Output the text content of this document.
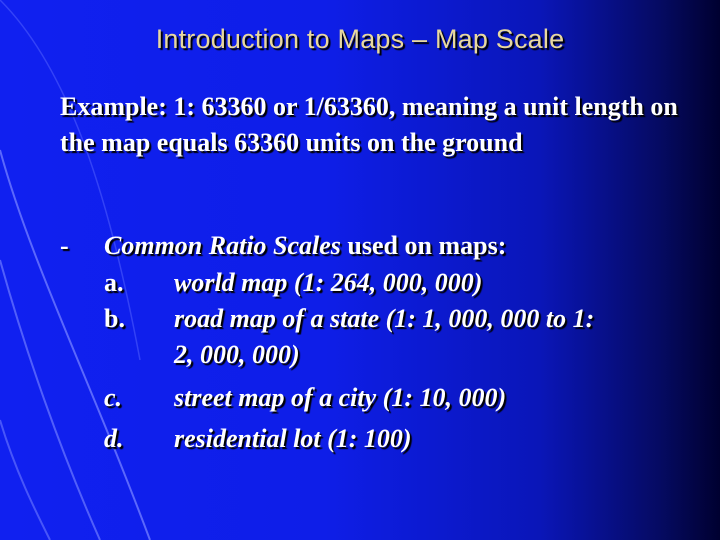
Introduction to Maps – Map Scale

Example: 1: 63360 or 1/63360, meaning a unit length on the map equals 63360 units on the ground

- Common Ratio Scales used on maps:
a. world map (1: 264, 000, 000)
b. road map of a state (1: 1, 000, 000 to 1: 2, 000, 000)
c. street map of a city (1: 10, 000)
d. residential lot (1: 100)
